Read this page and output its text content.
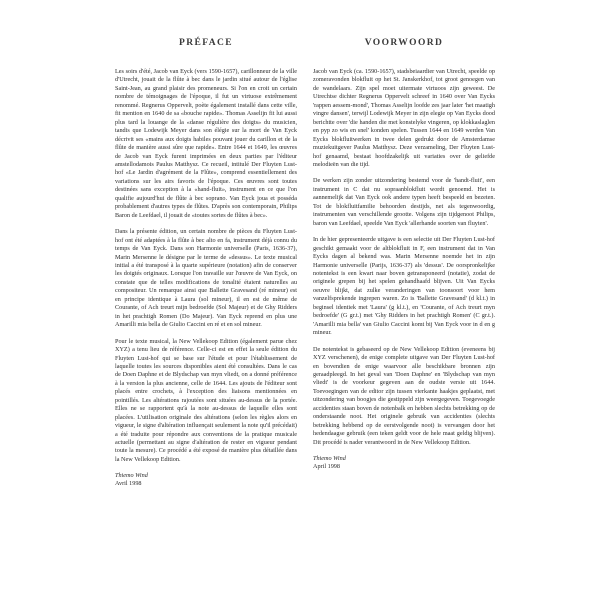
PRÉFACE

Les soirs d'été, Jacob van Eyck (vers 1590-1657), carillonneur de la ville d'Utrecht, jouait de la flûte à bec dans le jardin situé autour de l'église Saint-Jean, au grand plaisir des promeneurs. Si l'on en croit un certain nombre de témoignages de l'époque, il fut un virtuose extrêmement renommé. Regnerus Oppervelt, poète également installé dans cette ville, fit mention en 1640 de sa «bouche rapide». Thomas Asselijn fit lui aussi plus tard la louange de la «danse régulière des doigts» du musicien, tandis que Lodewijk Meyer dans son élégie sur la mort de Van Eyck décrivit ses «mains aux doigts habiles pouvant jouer du carillon et de la flûte de manière aussi sûre que rapide». Entre 1644 et 1649, les œuvres de Jacob van Eyck furent imprimées en deux parties par l'éditeur amstellodamois Paulus Matthysz. Ce recueil, intitulé Der Fluyten Lust-hof «Le Jardin d'agrément de la Flûte», comprend essentiellement des variations sur les airs favoris de l'époque. Ces œuvres sont toutes destinées sans exception à la «hand-fluit», instrument en ce que l'on qualifie aujourd'hui de flûte à bec soprano. Van Eyck joua et posséda probablement d'autres types de flûtes. D'après son contemporain, Philips Baron de Leefdael, il jouait de «toutes sortes de flûtes à bec».

Dans la présente édition, un certain nombre de pièces du Fluyten Lust-hof ont été adaptées à la flûte à bec alto en fa, instrument déjà connu du temps de Van Eyck. Dans son Harmonie universelle (Paris, 1636-37), Marin Mersenne le désigne par le terme de «dessus». Le texte musical initial a été transposé à la quarte supérieure (notation) afin de conserver les doigtés originaux. Lorsque l'on travaille sur l'œuvre de Van Eyck, on constate que de telles modifications de tonalité étaient naturelles au compositeur. Un remarque ainsi que Ballette Gravesand (ré mineur) est en principe identique à Laura (sol mineur), il en est de même de Courante, of Ach treurt mijn bedroefde (Sol Majeur) et de Ghy Ridders in het prachtigh Romen (Do Majeur). Van Eyck reprend en plus une Amarilli mia bella de Giulio Caccini en ré et en sol mineur.

Pour le texte musical, la New Vellekoop Edition (également parue chez XYZ) a tenu lieu de référence. Celle-ci est en effet la seule édition du Fluyten Lust-hof qui se base sur l'étude et pour l'établissement de laquelle toutes les sources disponibles aient été consultées. Dans le cas de Doen Daphne et de Blydschap van myn vliedt, on a donné préférence à la version la plus ancienne, celle de 1644. Les ajouts de l'éditeur sont placés entre crochets, à l'exception des liaisons mentionnées en pointillés. Les altérations rajoutées sont situées au-dessus de la portée. Elles ne se rapportent qu'à la note au-dessus de laquelle elles sont placées. L'utilisation originale des altérations (selon les règles alors en vigueur, le signe d'altération influençait seulement la note qu'il précédait) a été traduite pour répondre aux conventions de la pratique musicale actuelle (permettant au signe d'altération de rester en vigueur pendant toute la mesure). Ce procédé a été exposé de manière plus détaillée dans la New Vellekoop Edition.

Thiemo Wind
Avril 1998
VOORWOORD

Jacob van Eyck (ca. 1590-1657), stadsbeiaardier van Utrecht, speelde op zomeravonden blokfluit op het St. Janskerkhof, tot groot genoegen van de wandelaars. Zijn spel moet uitermate virtuoos zijn geweest. De Utrechtse dichter Regnerus Oppervelt schreef in 1640 over Van Eycks 'rappen aessem-mond', Thomas Asselijn loofde zes jaar later 'het maatigh vingre dansen', terwijl Lodewijk Meyer in zijn elegie op Van Eycks dood berichtte over 'die handen die met konstelyke vingeren, op klokkaslaglen en pyp zo wis en snel' konden spelen. Tussen 1644 en 1649 werden Van Eycks blokfluitwerken in twee delen gedrukt door de Amsterdamse muziekuitgever Paulus Matthysz. Deze verzameling, Der Fluyten Lust-hof genaamd, bestaat hoofdzakelijk uit variaties over de geliefde melodieën van die tijd.

De werken zijn zonder uitzondering bestemd voor de 'handt-fluit', een instrument in C dat nu sopraanblokfluit wordt genoemd. Het is aannemelijk dat Van Eyck ook andere typen heeft bespeeld en bezeten. Tot de blokfluitfamilie behoorden destijds, net als tegenwoordig, instrumenten van verschillende grootte. Volgens zijn tijdgenoot Philips, baron van Leefdael, speelde Van Eyck 'allerhande soorten van fluyten'.

In de hier gepresenteerde uitgave is een selectie uit Der Fluyten Lust-hof geschikt gemaakt voor de altblokfluit in F, een instrument dat in Van Eycks dagen al bekend was. Marin Mersenne noemde het in zijn Harmonie universelle (Parijs, 1636-37) als 'dessus'. De oorspronkelijke notentekst is een kwart naar boven getransponeerd (notatie), zodat de originele grepen bij het spelen gehandhaafd blijven. Uit Van Eycks oeuvre blijkt, dat zulke veranderingen van toonsoort voor hem vanzelfsprekende ingrepen waren. Zo is 'Ballette Gravesand' (d kl.t.) in beginsel identiek met 'Laura' (g kl.t.), en 'Courante, of Ach treurt myn bedroefde' (G gr.t.) met 'Ghy Ridders in het prachtigh Romen' (C gr.t.). 'Amarilli mia bella' van Giulio Caccini komt bij Van Eyck voor in d en g mineur.

De notentekst is gebaseerd op de New Vellekoop Edition (eveneens bij XYZ verschenen), de enige complete uitgave van Der Fluyten Lust-hof en bovendien de enige waarvoor alle beschikbare bronnen zijn geraadpleegd. In het geval van 'Doen Daphne' en 'Blydschap van myn vliedt' is de voorkeur gegeven aan de oudste versie uit 1644. Toevoegingen van de editor zijn tussen vierkante haakjes geplaatst, met uitzondering van boogjes die gestippeld zijn weergegeven. Toegevoegde accidenties staan boven de notenbalk en hebben slechts betrekking op de onderstaande noot. Het originele gebruik van accidenties (slechts betrekking hebbend op de eerstvolgende noot) is vervangen door het hedendaagse gebruik (een teken geldt voor de hele maat geldig blijven). Dit procédé is nader verantwoord in de New Vellekoop Edition.

Thiemo Wind
April 1998
